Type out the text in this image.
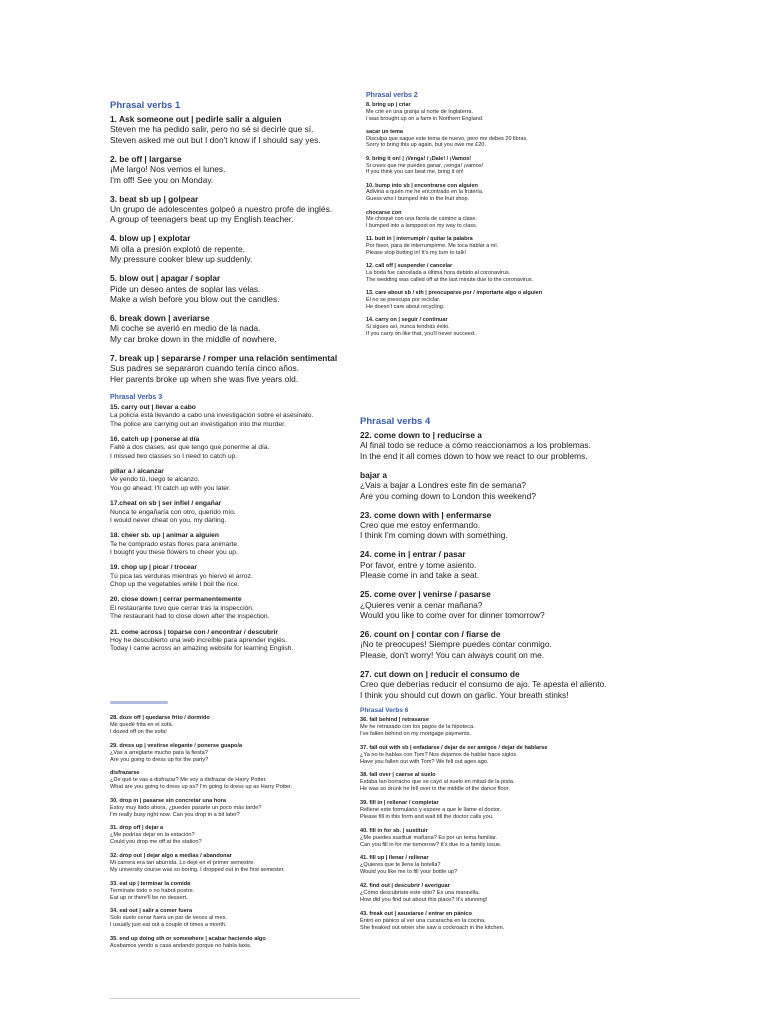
Phrasal verbs 1
1. Ask someone out | pedirle salir a alguien
Steven me ha pedido salir, pero no sé si decirle que sí.
Steven asked me out but I don't know if I should say yes.
2. be off | largarse
¡Me largo! Nos vemos el lunes.
I'm off! See you on Monday.
3. beat sb up | golpear
Un grupo de adolescentes golpeó a nuestro profe de inglés.
A group of teenagers beat up my English teacher.
4. blow up | explotar
Mi olla a presión explotó de repente.
My pressure cooker blew up suddenly.
5. blow out | apagar / soplar
Pide un deseo antes de soplar las velas.
Make a wish before you blow out the candles.
6. break down | averiarse
Mi coche se averió en medio de la nada.
My car broke down in the middle of nowhere.
7. break up | separarse / romper una relación sentimental
Sus padres se separaron cuando tenía cinco años.
Her parents broke up when she was five years old.
Phrasal verbs 2
8. bring up | criar
Me crié en una granja al norte de Inglaterra.
I was brought up on a farm in Northern England.
sacar un tema
Disculpa que saque este tema de nuevo, pero me debes 20 libras.
Sorry to bring this up again, but you owe me £20.
9. bring it on! | ¡Venga! / ¡Dale! / ¡Vamos!
Si crees que me puedes ganar, ¡venga! ¡vamos!
If you think you can beat me, bring it on!
10. bump into sb | encontrarse con alguien
Adivina a quién me he encontrado en la frutería.
Guess who I bumped into in the fruit shop.
chocarse con
Me choqué con una farola de camino a clase.
I bumped into a lamppost on my way to class.
11. butt in | interrumpir / quitar la palabra
Por favor, para de interrumpirme. Me toca hablar a mí.
Please stop butting in! It's my turn to talk!
12. call off | suspender / cancelar
La boda fue cancelada a última hora debido al coronavirus.
The wedding was called off at the last minute due to the coronavirus.
13. care about sb / sth | preocuparse por / importarte algo o alguien
Él no se preocupa por reciclar.
He doesn't care about recycling.
14. carry on | seguir / continuar
Si sigues así, nunca tendrás éxito.
If you carry on like that, you'll never succeed.
Phrasal Verbs 3
15. carry out | llevar a cabo
La policía está llevando a cabo una investigación sobre el asesinato.
The police are carrying out an investigation into the murder.
16. catch up | ponerse al día
Falté a dos clases, así que tengo que ponerme al día.
I missed two classes so I need to catch up.
pillar a / alcanzar
Ve yendo tú, luego te alcanzo.
You go ahead; I'll catch up with you later.
17.cheat on sb | ser infiel / engañar
Nunca te engañaría con otro, querido mío.
I would never cheat on you, my darling.
18. cheer sb. up | animar a alguien
Te he comprado estas flores para animarte.
I bought you these flowers to cheer you up.
19. chop up | picar / trocear
Tú pica las verduras mientras yo hiervo el arroz.
Chop up the vegetables while I boil the rice.
20. close down | cerrar permanentemente
El restaurante tuvo que cerrar tras la inspección.
The restaurant had to close down after the inspection.
21. come across | toparse con / encontrar / descubrir
Hoy he descubierto una web increíble para aprender inglés.
Today I came across an amazing website for learning English.
Phrasal verbs 4
22. come down to | reducirse a
Al final todo se reduce a cómo reaccionamos a los problemas.
In the end it all comes down to how we react to our problems.
bajar a
¿Vais a bajar a Londres este fin de semana?
Are you coming down to London this weekend?
23. come down with | enfermarse
Creo que me estoy enfermando.
I think I'm coming down with something.
24. come in | entrar / pasar
Por favor, entre y tome asiento.
Please come in and take a seat.
25. come over | venirse / pasarse
¿Quieres venir a cenar mañana?
Would you like to come over for dinner tomorrow?
26. count on | contar con / fiarse de
¡No te preocupes! Siempre puedes contar conmigo.
Please, don't worry! You can always count on me.
27. cut down on | reducir el consumo de
Creo que deberías reducir el consumo de ajo. Te apesta el aliento.
I think you should cut down on garlic. Your breath stinks!
28. doze off | quedarse frito / dormido
Me quedé frita en el sofá.
I dozed off on the sofa!
29. dress up | vestirse elegante / ponerse guapo/a
¿Vas a arreglarte mucho para la fiesta?
Are you going to dress up for the party?
disfrazarse
¿De qué te vas a disfrazar? Me voy a disfrazar de Harry Potter.
What are you going to dress up as? I'm going to dress up as Harry Potter.
30. drop in | pasarse sin concretar una hora
Estoy muy liado ahora, ¿puedes pasarte un poco más tarde?
I'm really busy right now. Can you drop in a bit later?
31. drop off | dejar a
¿Me podrías dejar en la estación?
Could you drop me off at the station?
32. drop out | dejar algo a medias / abandonar
Mi carrera era tan aburrida. Lo dejé en el primer semestre.
My university course was so boring. I dropped out in the first semester.
33. eat up | terminar la comida
Termínate todo o no habrá postre.
Eat up or there'll be no dessert.
34. eat out | salir a comer fuera
Solo suelo cenar fuera un par de veces al mes.
I usually just eat out a couple of times a month.
35. end up doing sth or somewhere | acabar haciendo algo
Acabamos yendo a casa andando porque no había taxis.
Phrasal Verbs 6
36. fall behind | retrasarse
Me he retrasado con los pagos de la hipoteca.
I've fallen behind on my mortgage payments.
37. fall out with sb | enfadarse / dejar de ser amigos / dejar de hablarse
¿Ya no te hablas con Tom? Nos dejamos de hablar hace siglos.
Have you fallen out with Tom? We fell out ages ago.
38. fall over | caerse al suelo
Estaba tan borracho que se cayó al suelo en mitad de la pista.
He was so drunk he fell over in the middle of the dance floor.
39. fill in | rellenar / completar
Rellene este formulario y espere a que le llame el doctor.
Please fill in this form and wait till the doctor calls you.
40. fill in for sb. | sustituir
¿Me puedes sustituir mañana? Es por un tema familiar.
Can you fill in for me tomorrow? It's due to a family issue.
41. fill up | llenar / rellenar
¿Quieres que te llene la botella?
Would you like me to fill your bottle up?
42. find out | descubrir / averiguar
¿Cómo descubriste este sitio? Es una maravilla.
How did you find out about this place? It's stunning!
43. freak out | asustarse / entrar en pánico
Entró en pánico al ver una cucaracha en la cocina.
She freaked out when she saw a cockroach in the kitchen.
